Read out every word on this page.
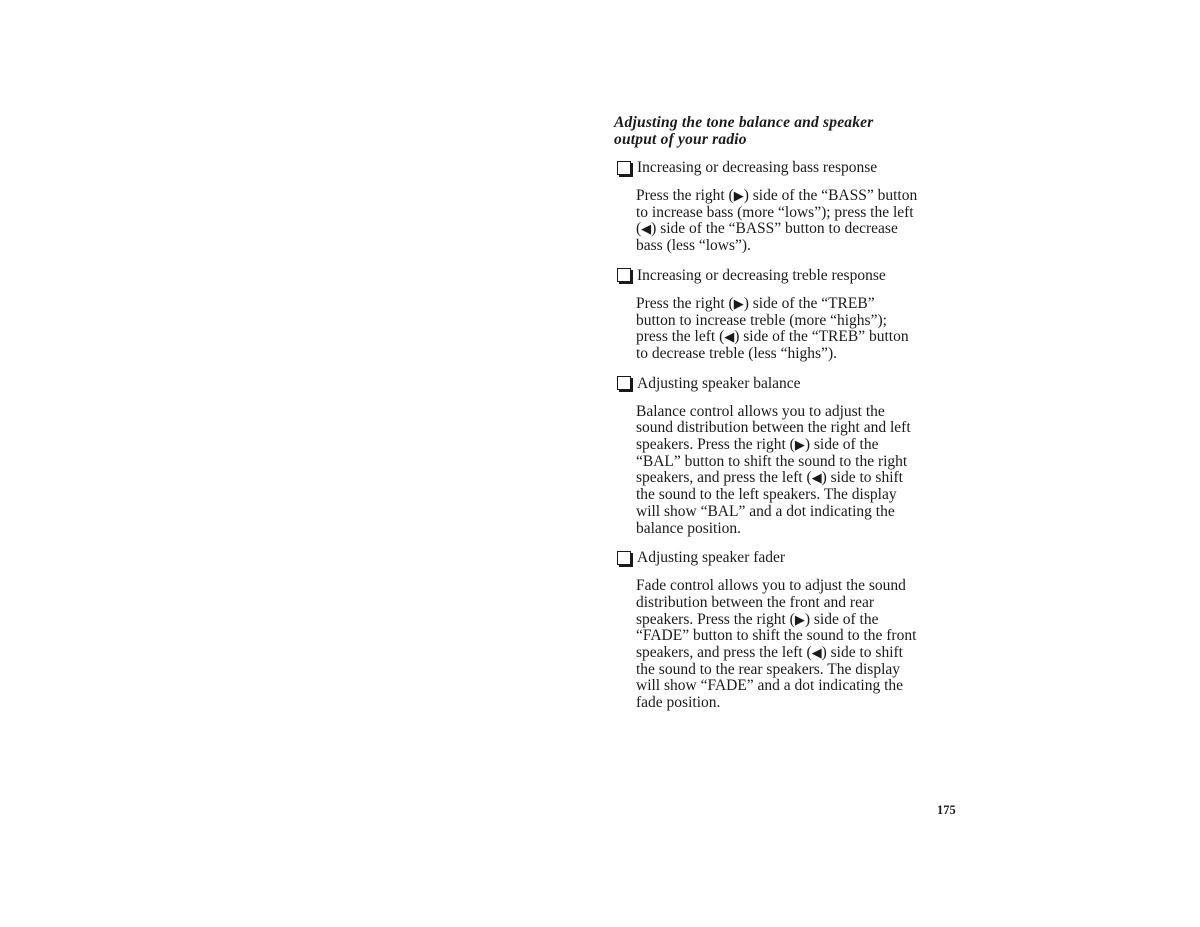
Adjusting the tone balance and speaker
output of your radio
Increasing or decreasing bass response
Press the right (▶) side of the “BASS” button
to increase bass (more “lows”); press the left
(◀) side of the “BASS” button to decrease
bass (less “lows”).
Increasing or decreasing treble response
Press the right (▶) side of the “TREB”
button to increase treble (more “highs”);
press the left (◀) side of the “TREB” button
to decrease treble (less “highs”).
Adjusting speaker balance
Balance control allows you to adjust the
sound distribution between the right and left
speakers. Press the right (▶) side of the
“BAL” button to shift the sound to the right
speakers, and press the left (◀) side to shift
the sound to the left speakers. The display
will show “BAL” and a dot indicating the
balance position.
Adjusting speaker fader
Fade control allows you to adjust the sound
distribution between the front and rear
speakers. Press the right (▶) side of the
“FADE” button to shift the sound to the front
speakers, and press the left (◀) side to shift
the sound to the rear speakers. The display
will show “FADE” and a dot indicating the
fade position.
175
